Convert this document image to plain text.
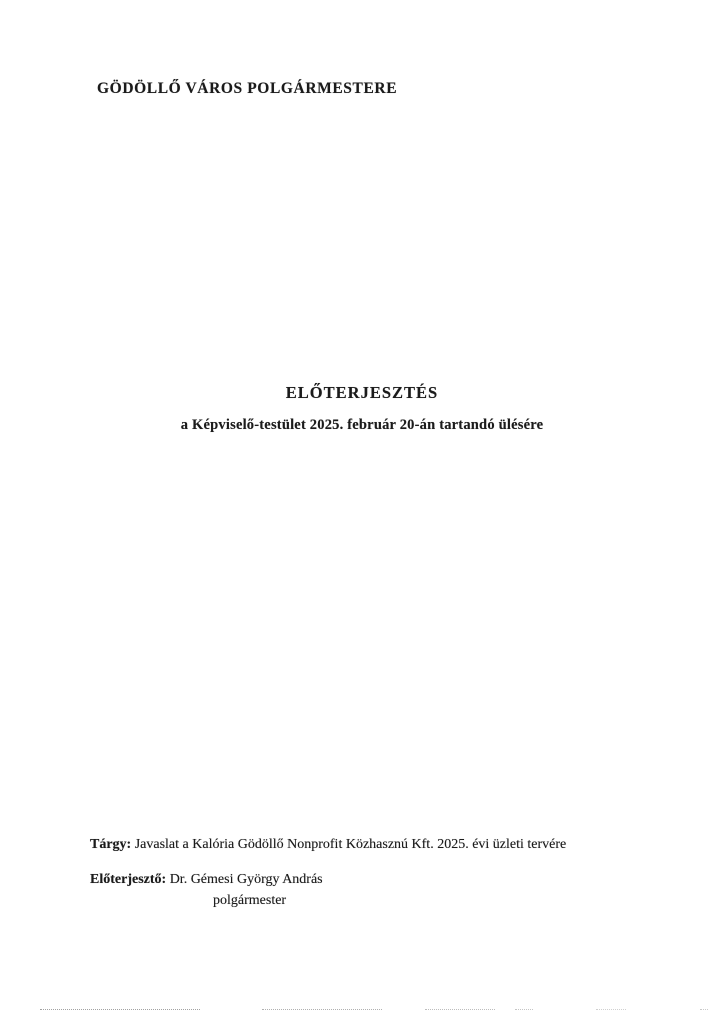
GÖDÖLLŐ VÁROS POLGÁRMESTERE
ELŐTERJESZTÉS
a Képviselő-testület 2025. február 20-án tartandó ülésére

Tárgy: Javaslat a Kalória Gödöllő Nonprofit Közhasznú Kft. 2025. évi üzleti tervére

Előterjesztő: Dr. Gémesi György András

polgármester
